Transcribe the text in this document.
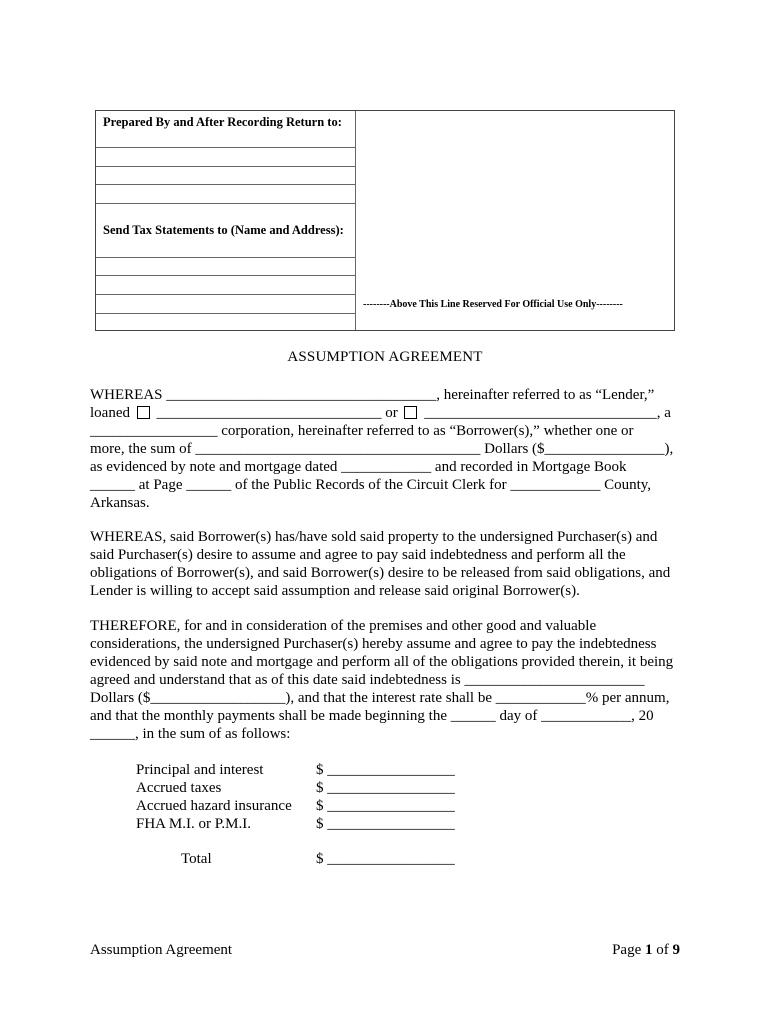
Prepared By and After Recording Return to:
Send Tax Statements to (Name and Address):
--------Above This Line Reserved For Official Use Only--------
ASSUMPTION AGREEMENT
WHEREAS ____________________________________, hereinafter referred to as “Lender,”
loaned ______________________________ or _______________________________, a
_________________ corporation, hereinafter referred to as “Borrower(s),” whether one or
more, the sum of ______________________________________ Dollars ($________________),
as evidenced by note and mortgage dated ____________ and recorded in Mortgage Book
______ at Page ______ of the Public Records of the Circuit Clerk for ____________ County,
Arkansas.
WHEREAS, said Borrower(s) has/have sold said property to the undersigned Purchaser(s) and
said Purchaser(s) desire to assume and agree to pay said indebtedness and perform all the
obligations of Borrower(s), and said Borrower(s) desire to be released from said obligations, and
Lender is willing to accept said assumption and release said original Borrower(s).
THEREFORE, for and in consideration of the premises and other good and valuable
considerations, the undersigned Purchaser(s) hereby assume and agree to pay the indebtedness
evidenced by said note and mortgage and perform all of the obligations provided therein, it being
agreed and understand that as of this date said indebtedness is ________________________
Dollars ($__________________), and that the interest rate shall be ____________% per annum,
and that the monthly payments shall be made beginning the ______ day of ____________, 20
______, in the sum of as follows:
Principal and interest	$ _________________
Accrued taxes	$ _________________
Accrued hazard insurance $ _________________
FHA M.I. or P.M.I.	$ _________________
Total	$ _________________
Assumption Agreement	Page 1 of 9
